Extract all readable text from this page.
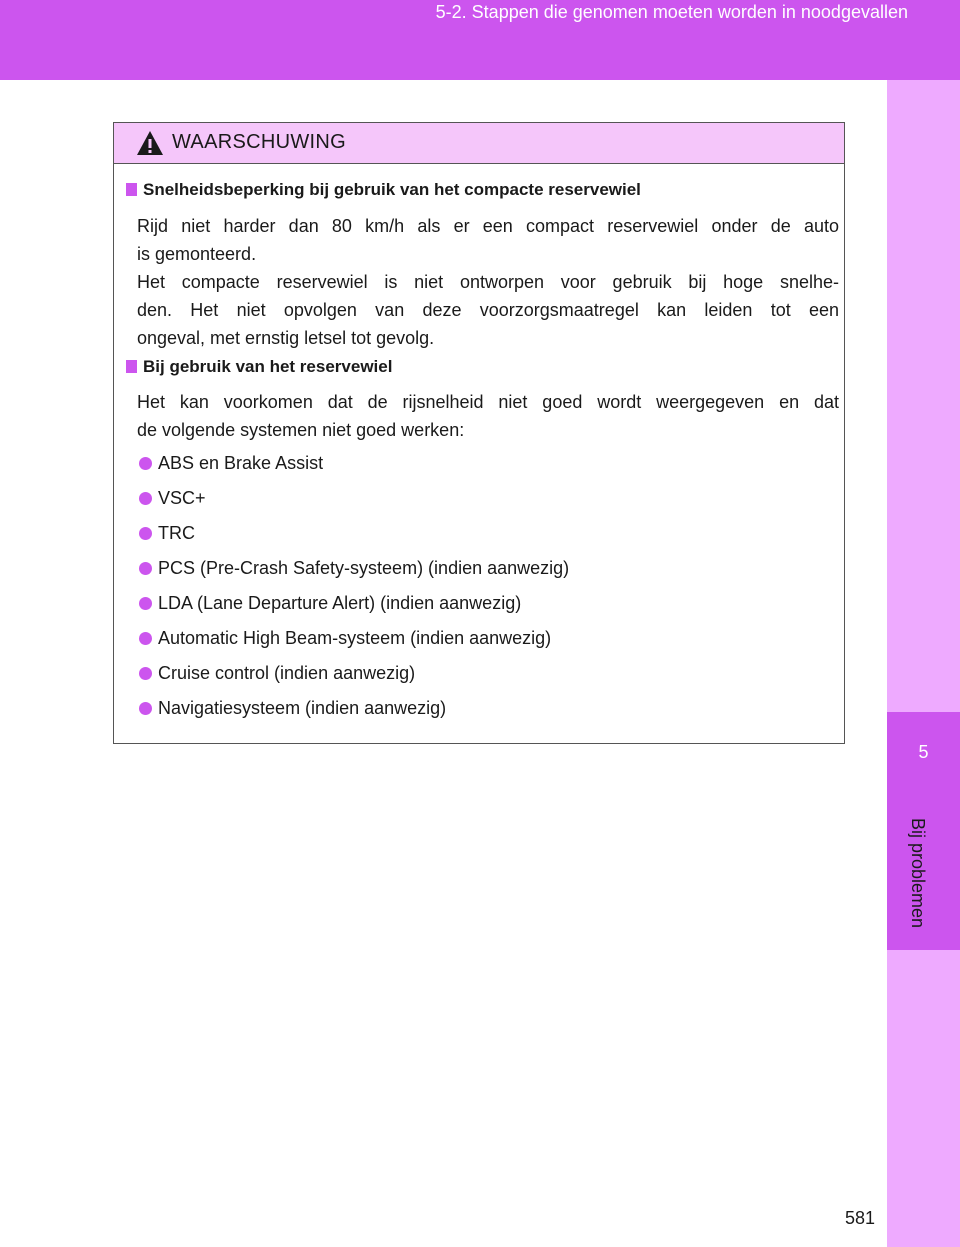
5-2. Stappen die genomen moeten worden in noodgevallen
5
Bij problemen
WAARSCHUWING
Snelheidsbeperking bij gebruik van het compacte reservewiel
Rijd niet harder dan 80 km/h als er een compact reservewiel onder de auto
is gemonteerd.
Het compacte reservewiel is niet ontworpen voor gebruik bij hoge snelhe-
den. Het niet opvolgen van deze voorzorgsmaatregel kan leiden tot een
ongeval, met ernstig letsel tot gevolg.
Bij gebruik van het reservewiel
Het kan voorkomen dat de rijsnelheid niet goed wordt weergegeven en dat
de volgende systemen niet goed werken:
ABS en Brake Assist
VSC+
TRC
PCS (Pre-Crash Safety-systeem) (indien aanwezig)
LDA (Lane Departure Alert) (indien aanwezig)
Automatic High Beam-systeem (indien aanwezig)
Cruise control (indien aanwezig)
Navigatiesysteem (indien aanwezig)
581
